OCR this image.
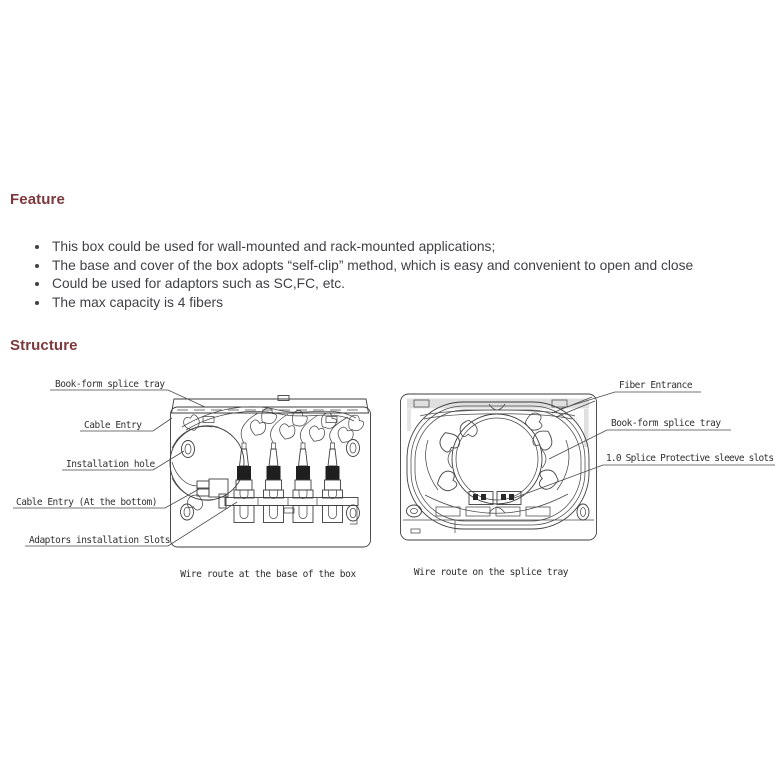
Feature
• This box could be used for wall-mounted and rack-mounted applications;
• The base and cover of the box adopts “self-clip” method, which is easy and convenient to open and close
• Could be used for adaptors such as SC,FC, etc.
• The max capacity is 4 fibers
Structure
Book-form splice tray
Cable Entry
Installation hole
Cable Entry (At the bottom)
Adaptors installation Slots
Wire route at the base of the box
Fiber Entrance
Book-form splice tray
1.0 Splice Protective sleeve slots
Wire route on the splice tray
